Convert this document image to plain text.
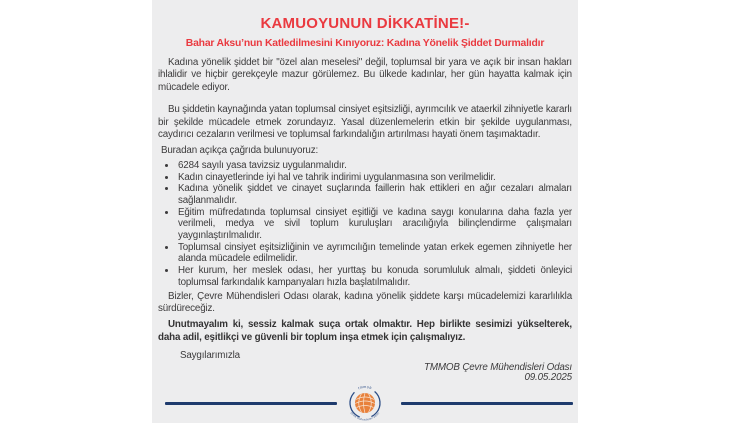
KAMUOYUNUN DİKKATİNE!-
Bahar Aksu’nun Katledilmesini Kınıyoruz: Kadına Yönelik Şiddet Durmalıdır

Kadına yönelik şiddet bir "özel alan meselesi" değil, toplumsal bir yara ve açık bir insan hakları ihlalidir ve hiçbir gerekçeyle mazur görülemez. Bu ülkede kadınlar, her gün hayatta kalmak için mücadele ediyor.

Bu şiddetin kaynağında yatan toplumsal cinsiyet eşitsizliği, ayrımcılık ve ataerkil zihniyetle kararlı bir şekilde mücadele etmek zorundayız. Yasal düzenlemelerin etkin bir şekilde uygulanması, caydırıcı cezaların verilmesi ve toplumsal farkındalığın artırılması hayati önem taşımaktadır.

Buradan açıkça çağrıda bulunuyoruz:

• 6284 sayılı yasa tavizsiz uygulanmalıdır.
• Kadın cinayetlerinde iyi hal ve tahrik indirimi uygulanmasına son verilmelidir.
• Kadına yönelik şiddet ve cinayet suçlarında faillerin hak ettikleri en ağır cezaları almaları sağlanmalıdır.
• Eğitim müfredatında toplumsal cinsiyet eşitliği ve kadına saygı konularına daha fazla yer verilmeli, medya ve sivil toplum kuruluşları aracılığıyla bilinçlendirme çalışmaları yaygınlaştırılmalıdır.
• Toplumsal cinsiyet eşitsizliğinin ve ayrımcılığın temelinde yatan erkek egemen zihniyetle her alanda mücadele edilmelidir.
• Her kurum, her meslek odası, her yurttaş bu konuda sorumluluk almalı, şiddeti önleyici toplumsal farkındalık kampanyaları hızla başlatılmalıdır.

Bizler, Çevre Mühendisleri Odası olarak, kadına yönelik şiddete karşı mücadelemizi kararlılıkla sürdüreceğiz.

Unutmayalım ki, sessiz kalmak suça ortak olmaktır. Hep birlikte sesimizi yükselterek, daha adil, eşitlikçi ve güvenli bir toplum inşa etmek için çalışmalıyız.

Saygılarımızla

TMMOB Çevre Mühendisleri Odası
09.05.2025
tmmob
çevre mühendisleri odası
